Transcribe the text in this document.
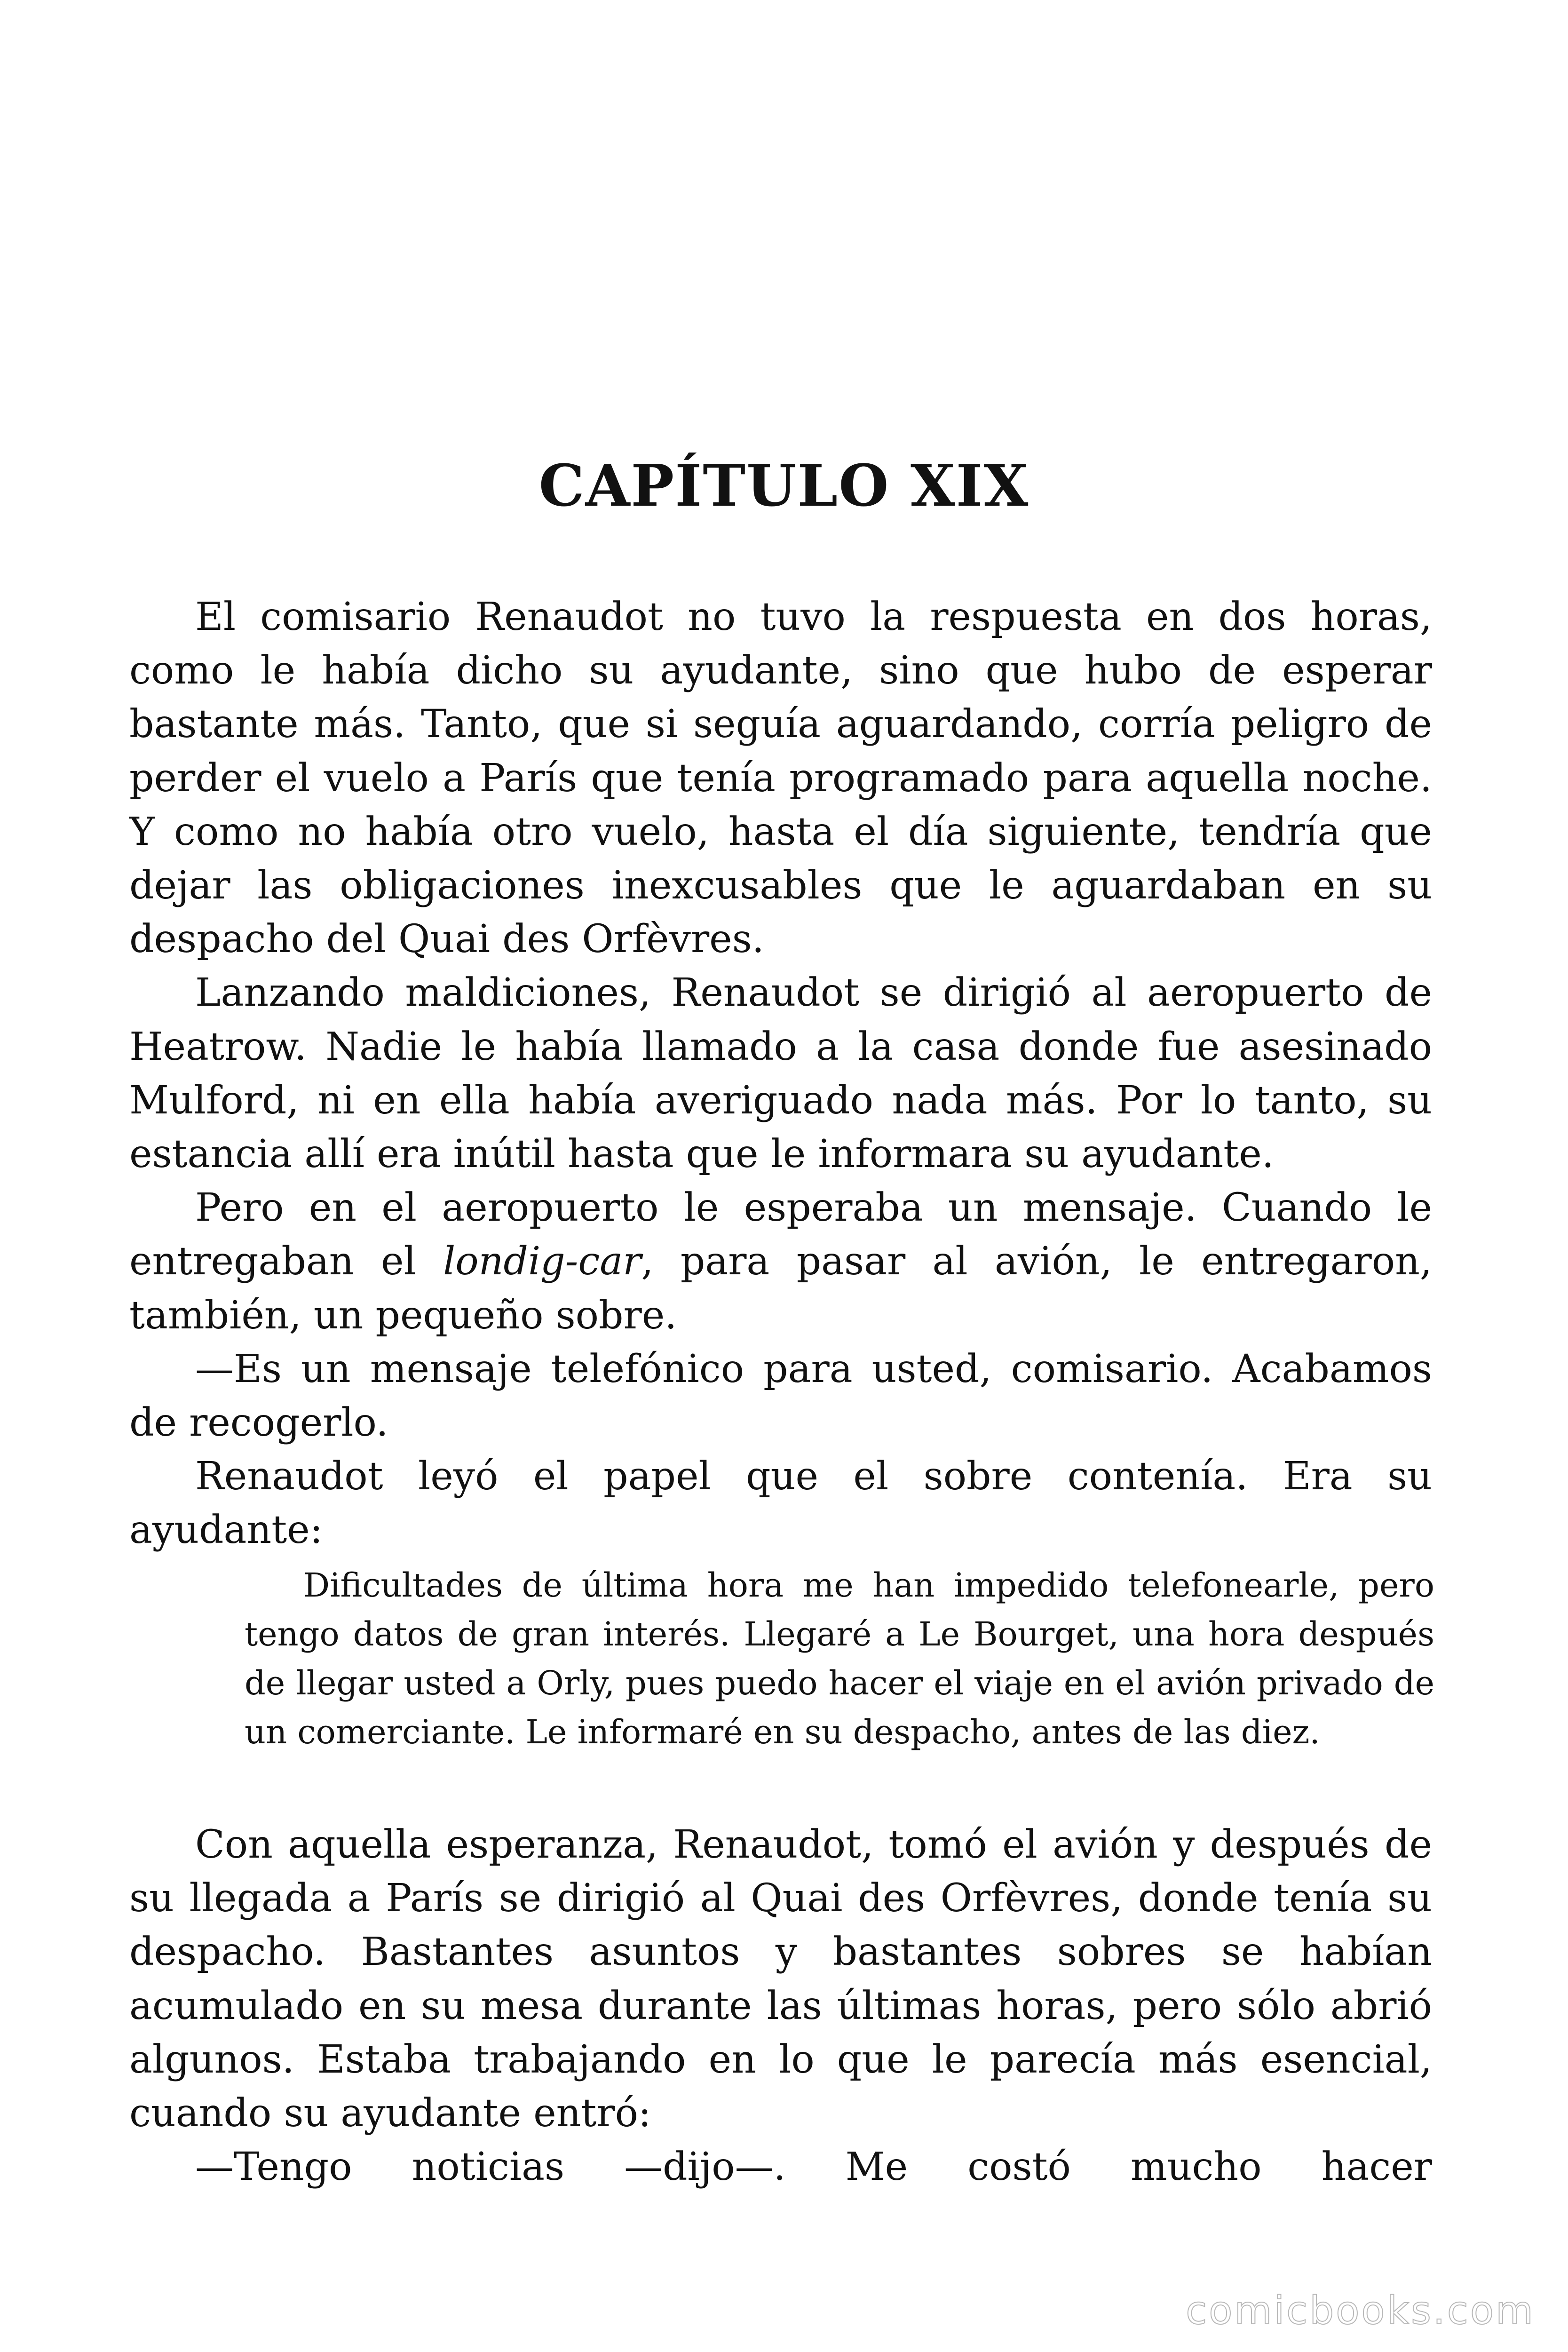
CAPÍTULO XIX

El comisario Renaudot no tuvo la respuesta en dos horas, como le había dicho su ayudante, sino que hubo de esperar bastante más. Tanto, que si seguía aguardando, corría peligro de perder el vuelo a París que tenía programado para aquella noche. Y como no había otro vuelo, hasta el día siguiente, tendría que dejar las obligaciones inexcusables que le aguardaban en su despacho del Quai des Orfèvres.

Lanzando maldiciones, Renaudot se dirigió al aeropuerto de Heatrow. Nadie le había llamado a la casa donde fue asesinado Mulford, ni en ella había averiguado nada más. Por lo tanto, su estancia allí era inútil hasta que le informara su ayudante.

Pero en el aeropuerto le esperaba un mensaje. Cuando le entregaban el londig-car, para pasar al avión, le entregaron, también, un pequeño sobre.

—Es un mensaje telefónico para usted, comisario. Acabamos de recogerlo.

Renaudot leyó el papel que el sobre contenía. Era su ayudante:

Dificultades de última hora me han impedido telefonearle, pero tengo datos de gran interés. Llegaré a Le Bourget, una hora después de llegar usted a Orly, pues puedo hacer el viaje en el avión privado de un comerciante. Le informaré en su despacho, antes de las diez.

Con aquella esperanza, Renaudot, tomó el avión y después de su llegada a París se dirigió al Quai des Orfèvres, donde tenía su despacho. Bastantes asuntos y bastantes sobres se habían acumulado en su mesa durante las últimas horas, pero sólo abrió algunos. Estaba trabajando en lo que le parecía más esencial, cuando su ayudante entró:

—Tengo noticias —dijo—. Me costó mucho hacer

comicbooks.com
